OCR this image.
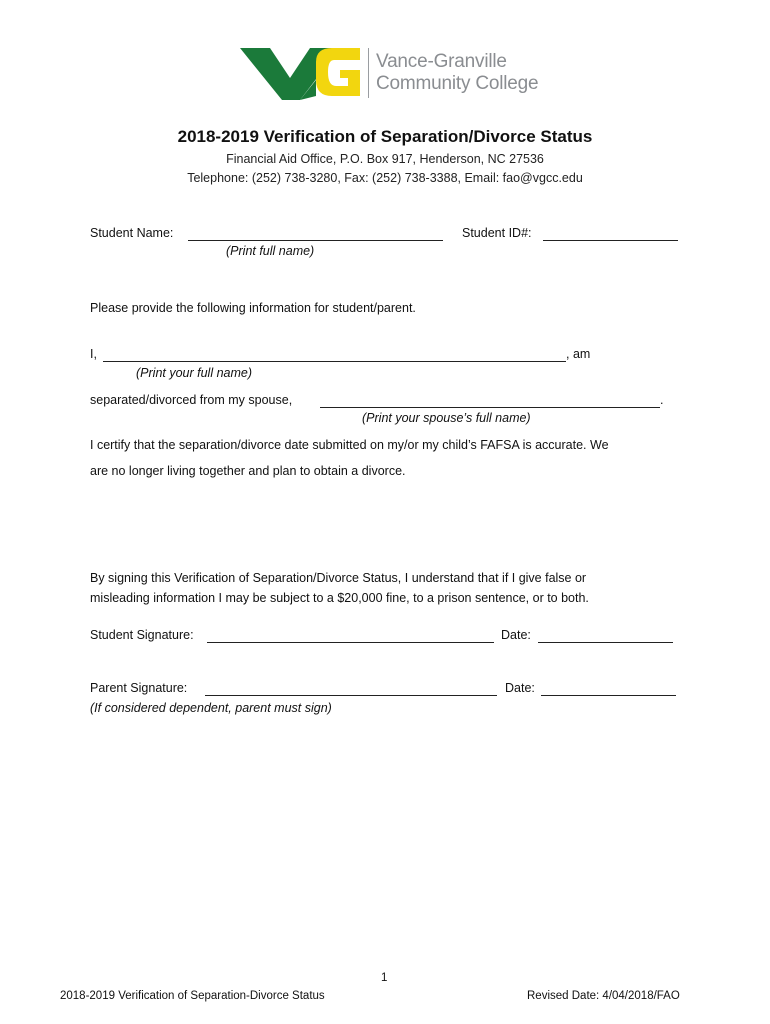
Vance-Granville
Community College
2018-2019 Verification of Separation/Divorce Status
Financial Aid Office, P.O. Box 917, Henderson, NC 27536
Telephone: (252) 738-3280, Fax: (252) 738-3388, Email: fao@vgcc.edu
Student Name:
(Print full name)
Student ID#:
Please provide the following information for student/parent.
I,	, am
(Print your full name)
separated/divorced from my spouse,	.
(Print your spouse’s full name)
I certify that the separation/divorce date submitted on my/or my child’s FAFSA is accurate. We
are no longer living together and plan to obtain a divorce.
By signing this Verification of Separation/Divorce Status, I understand that if I give false or
misleading information I may be subject to a $20,000 fine, to a prison sentence, or to both.
Student Signature:	Date:
Parent Signature:	Date:
(If considered dependent, parent must sign)
1
2018-2019 Verification of Separation-Divorce Status	Revised Date: 4/04/2018/FAO
